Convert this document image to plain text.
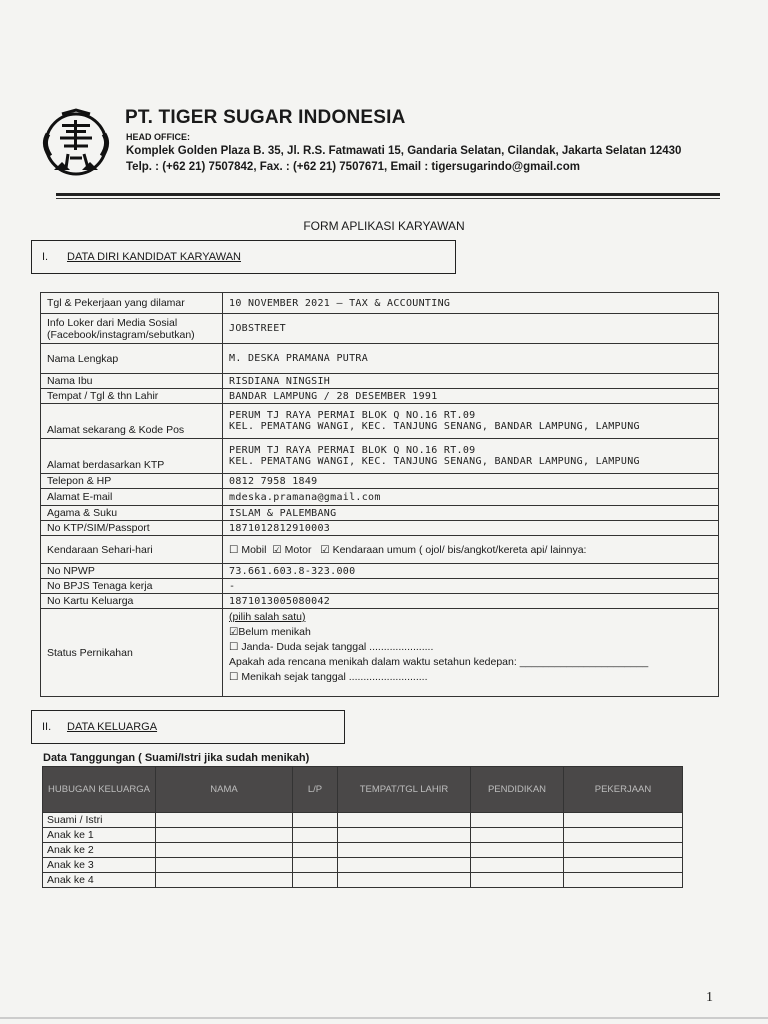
PT. TIGER SUGAR INDONESIA
HEAD OFFICE:
Komplek Golden Plaza B. 35, Jl. R.S. Fatmawati 15, Gandaria Selatan, Cilandak, Jakarta Selatan 12430
Telp. : (+62 21) 7507842, Fax. : (+62 21) 7507671, Email : tigersugarindo@gmail.com
FORM APLIKASI KARYAWAN
I.	DATA DIRI KANDIDAT KARYAWAN
Tgl & Pekerjaan yang dilamar	10 NOVEMBER 2021 – TAX & ACCOUNTING

Info Loker dari Media Sosial (Facebook/instagram/sebutkan)	JOBSTREET

Nama Lengkap	M. DESKA PRAMANA PUTRA

Nama Ibu	RISDIANA NINGSIH

Tempat / Tgl & thn Lahir	BANDAR LAMPUNG / 28 DESEMBER 1991

Alamat sekarang & Kode Pos	PERUM TJ RAYA PERMAI BLOK Q NO.16 RT.09
KEL. PEMATANG WANGI, KEC. TANJUNG SENANG, BANDAR LAMPUNG, LAMPUNG

Alamat berdasarkan KTP	PERUM TJ RAYA PERMAI BLOK Q NO.16 RT.09
KEL. PEMATANG WANGI, KEC. TANJUNG SENANG, BANDAR LAMPUNG, LAMPUNG

Telepon & HP	0812 7958 1849

Alamat E-mail	mdeska.pramana@gmail.com

Agama & Suku	ISLAM & PALEMBANG

No KTP/SIM/Passport	1871012812910003

Kendaraan Sehari-hari	☐ Mobil ☑ Motor ☑ Kendaraan umum ( ojol/ bis/angkot/kereta api/ lainnya:
No NPWP	73.661.603.8-323.000

No BPJS Tenaga kerja	-

No Kartu Keluarga	1871013005080042

Status Pernikahan	(pilih salah satu)
☑Belum menikah
☐ Janda- Duda sejak tanggal ......................
Apakah ada rencana menikah dalam waktu setahun kedepan: ______________________
☐ Menikah sejak tanggal ...........................
II.	DATA KELUARGA
Data Tanggungan ( Suami/Istri jika sudah menikah)
HUBUGAN KELUARGA	NAMA	L/P	TEMPAT/TGL LAHIR	PENDIDIKAN	PEKERJAAN
Suami / Istri					
Anak ke 1					
Anak ke 2					
Anak ke 3					
Anak ke 4					
1
